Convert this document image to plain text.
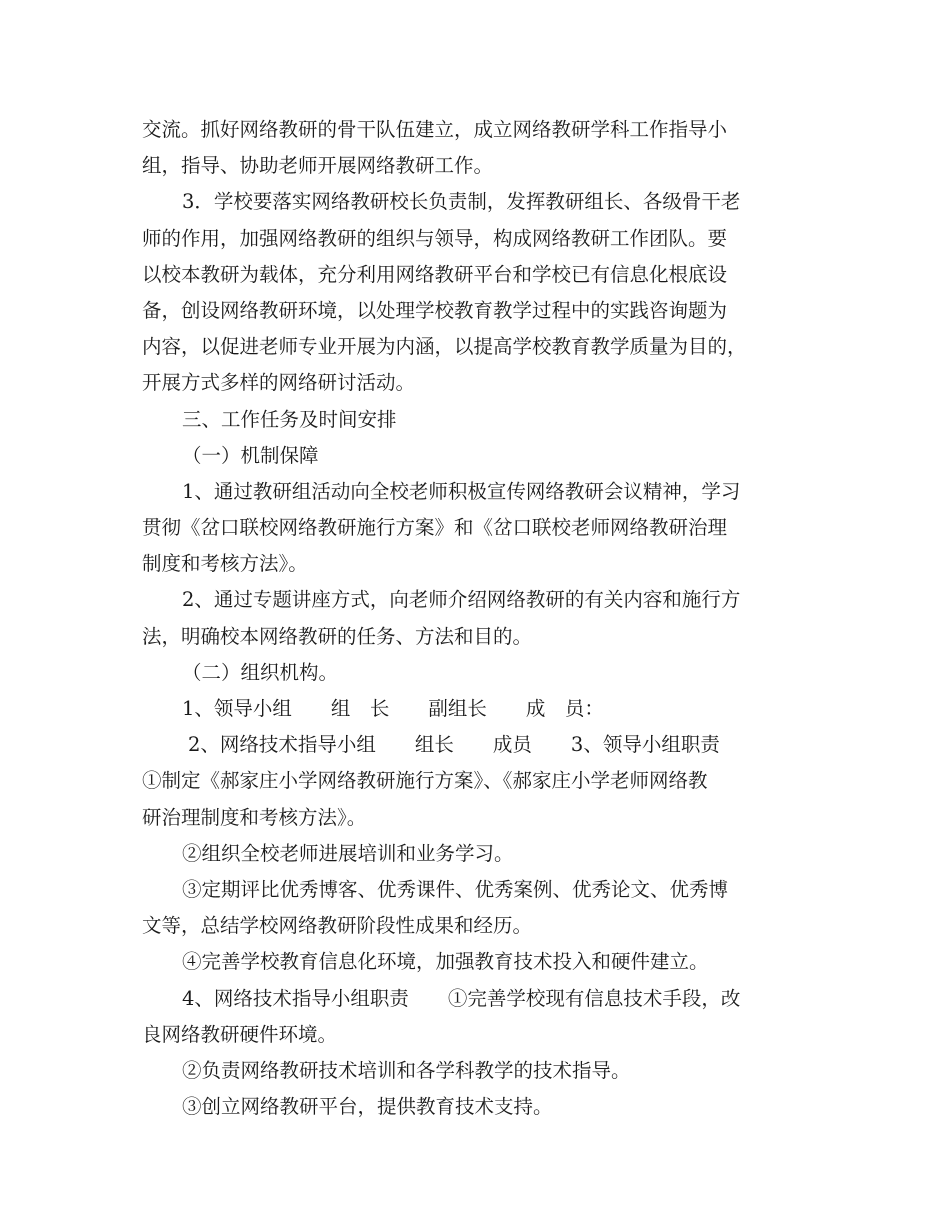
交流。抓好网络教研的骨干队伍建立，成立网络教研学科工作指导小
组，指导、协助老师开展网络教研工作。
3．学校要落实网络教研校长负责制，发挥教研组长、各级骨干老
师的作用，加强网络教研的组织与领导，构成网络教研工作团队。要
以校本教研为载体，充分利用网络教研平台和学校已有信息化根底设
备，创设网络教研环境，以处理学校教育教学过程中的实践咨询题为
内容，以促进老师专业开展为内涵，以提高学校教育教学质量为目的，
开展方式多样的网络研讨活动。
三、工作任务及时间安排
（一）机制保障
1、通过教研组活动向全校老师积极宣传网络教研会议精神，学习
贯彻《岔口联校网络教研施行方案》和《岔口联校老师网络教研治理
制度和考核方法》。
2、通过专题讲座方式，向老师介绍网络教研的有关内容和施行方
法，明确校本网络教研的任务、方法和目的。
（二）组织机构。
1、领导小组　　组　长　　副组长　　成　员：
2、网络技术指导小组　　组长　　成员　　3、领导小组职责
①制定《郝家庄小学网络教研施行方案》、《郝家庄小学老师网络教
研治理制度和考核方法》。
②组织全校老师进展培训和业务学习。
③定期评比优秀博客、优秀课件、优秀案例、优秀论文、优秀博
文等，总结学校网络教研阶段性成果和经历。
④完善学校教育信息化环境，加强教育技术投入和硬件建立。
4、网络技术指导小组职责　　①完善学校现有信息技术手段，改
良网络教研硬件环境。
②负责网络教研技术培训和各学科教学的技术指导。
③创立网络教研平台，提供教育技术支持。
